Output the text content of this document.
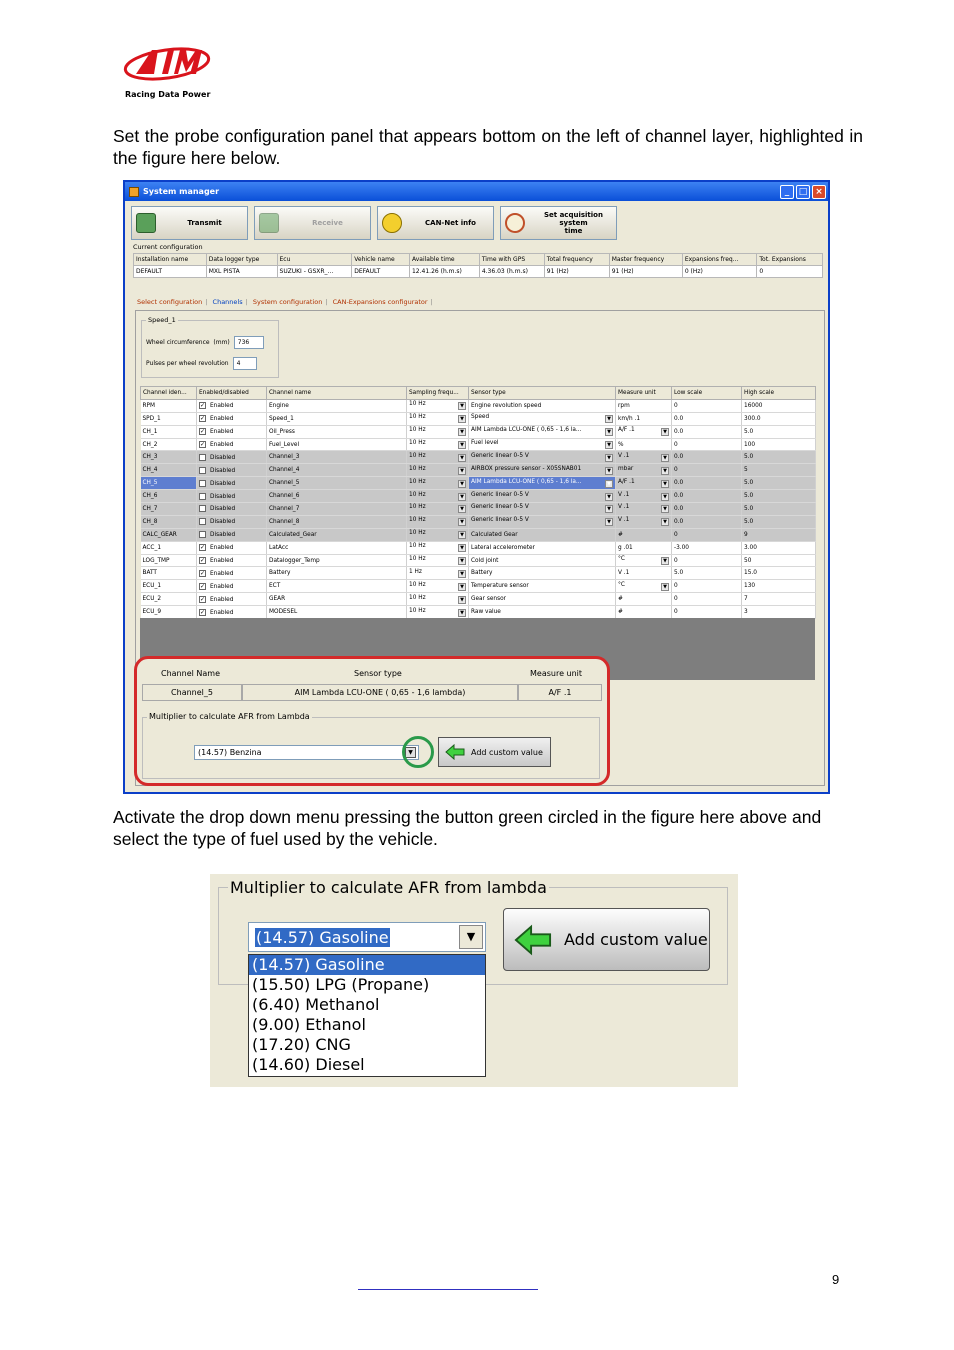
Racing Data Power

Set the probe configuration panel that appears bottom on the left of channel layer, highlighted in the figure here below.

System manager	_	□ ×
Transmit	Receive	CAN-Net info
Set acquisition system
time
Current configuration
Installation name	Data logger type	Ecu	Vehicle name	Available time	Time with GPS	Total frequency	Master frequency	Expansions freq...	Tot. Expansions
DEFAULT	MXL PISTA	SUZUKI - GSXR_...	DEFAULT	12.41.26 (h.m.s)	4.36.03 (h.m.s)	91 (Hz)	91 (Hz)	0 (Hz)	0
Select configuration | Channels | System configuration | CAN-Expansions configurator |
Speed_1
Wheel circumference
(mm)	736
Pulses per wheel revolution	4
Channel iden...	Enabled/disabled	Channel name	Sampling frequ...	Sensor type	Measure unit	Low scale	High scale
RPM	✓ Enabled	Engine	10 Hz ▼	Engine revolution speed	rpm	0	16000
SPD_1	✓ Enabled	Speed_1	10 Hz ▼	Speed ▼	km/h .1	0.0	300.0
CH_1	✓ Enabled	Oil_Press	10 Hz ▼	AIM Lambda LCU-ONE ( 0,65 - 1,6 la... ▼	A/F .1 ▼	0.0	5.0
CH_2	✓ Enabled	Fuel_Level	10 Hz ▼	Fuel level ▼	%	0	100
CH_3	Disabled	Channel_3	10 Hz ▼	Generic linear 0-5 V ▼	V .1 ▼	0.0	5.0
CH_4	Disabled	Channel_4	10 Hz ▼	AIRBOX pressure sensor - X05SNAB01 ▼	mbar ▼	0	5
CH_5	Disabled	Channel_5	10 Hz ▼	AIM Lambda LCU-ONE ( 0,65 - 1,6 la... ▼	A/F .1 ▼	0.0	5.0
CH_6	Disabled	Channel_6	10 Hz ▼	Generic linear 0-5 V ▼	V .1 ▼	0.0	5.0
CH_7	Disabled	Channel_7	10 Hz ▼	Generic linear 0-5 V ▼	V .1 ▼	0.0	5.0
CH_8	Disabled	Channel_8	10 Hz ▼	Generic linear 0-5 V ▼	V .1 ▼	0.0	5.0
CALC_GEAR	Disabled	Calculated_Gear	10 Hz ▼	Calculated Gear	#	0	9
ACC_1	✓ Enabled	LatAcc	10 Hz ▼	Lateral accelerometer	g .01	-3.00	3.00
LOG_TMP	✓ Enabled	Datalogger_Temp	10 Hz ▼	Cold joint	°C ▼	0	50
BATT	✓ Enabled	Battery	1 Hz ▼	Battery	V .1	5.0	15.0
ECU_1	✓ Enabled	ECT	10 Hz ▼	Temperature sensor	°C ▼	0	130
ECU_2	✓ Enabled	GEAR	10 Hz ▼	Gear sensor	#	0	7
ECU_9	✓ Enabled	MODESEL	10 Hz ▼	Raw value	#	0	3
Channel Name	Sensor type	Measure unit
Channel_5	AIM Lambda LCU-ONE ( 0,65 - 1,6 lambda)	A/F .1
Multiplier to calculate AFR from Lambda
(14.57) Benzina	▼	Add custom value

Activate the drop down menu pressing the button green circled in the figure here above and select the type of fuel used by the vehicle.

Multiplier to calculate AFR from lambda
(14.57) Gasoline	▼	Add custom value
(14.57) Gasoline
(15.50) LPG (Propane)
(6.40) Methanol
(9.00) Ethanol
(17.20) CNG
(14.60) Diesel
9
